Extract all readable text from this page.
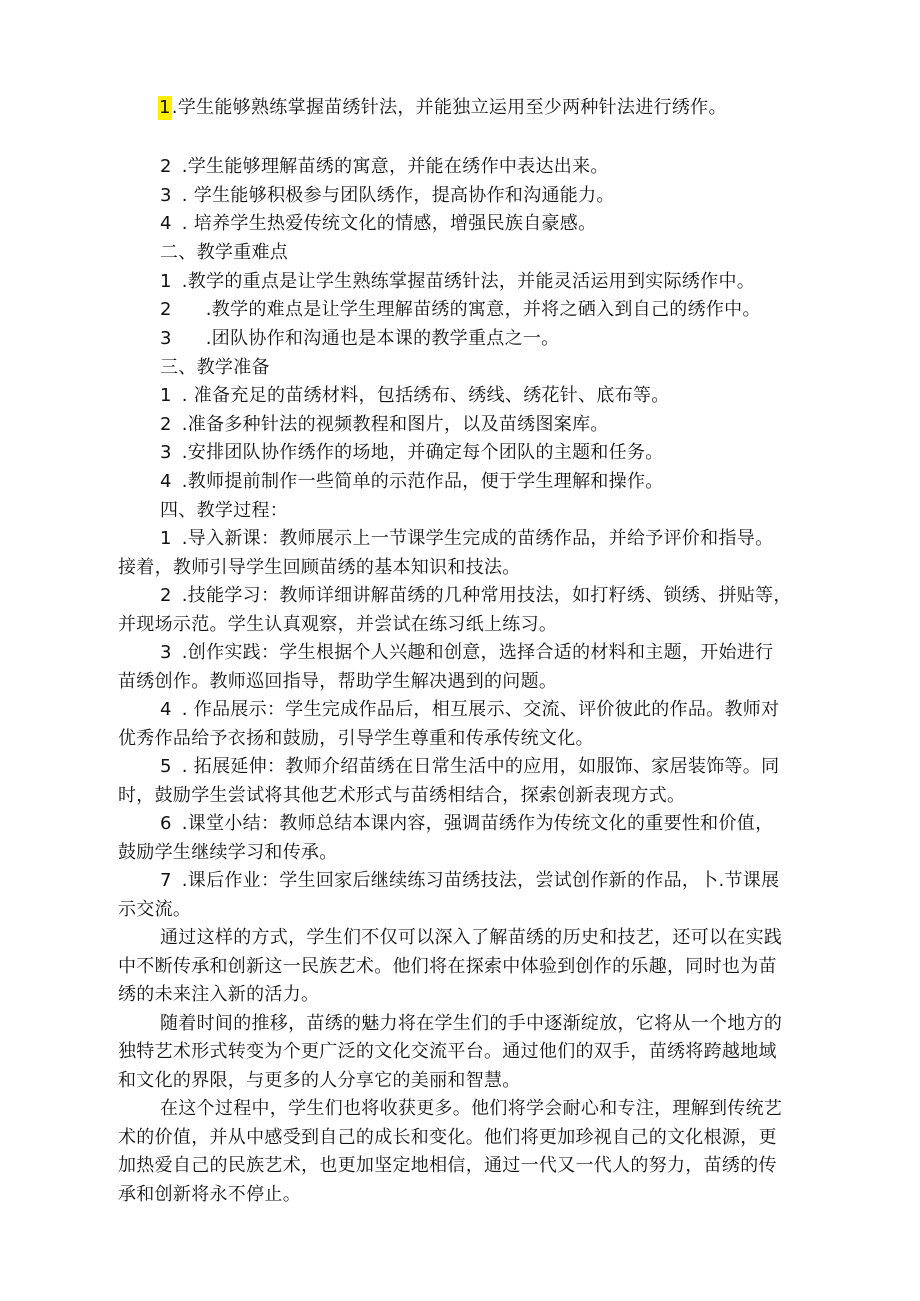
1.学生能够熟练掌握苗绣针法，并能独立运用至少两种针法进行绣作。
2 .学生能够理解苗绣的寓意，并能在绣作中表达出来。
3 . 学生能够积极参与团队绣作，提高协作和沟通能力。
4 . 培养学生热爱传统文化的情感，增强民族自豪感。
二、教学重难点
1 .教学的重点是让学生熟练掌握苗绣针法，并能灵活运用到实际绣作中。
2 .教学的难点是让学生理解苗绣的寓意，并将之硒入到自己的绣作中。
3 .团队协作和沟通也是本课的教学重点之一。
三、教学准备
1 . 准备充足的苗绣材料，包括绣布、绣线、绣花针、底布等。
2 .准备多种针法的视频教程和图片，以及苗绣图案库。
3 .安排团队协作绣作的场地，并确定每个团队的主题和任务。
4 .教师提前制作一些简单的示范作品，便于学生理解和操作。
四、教学过程：
1 .导入新课：教师展示上一节课学生完成的苗绣作品，并给予评价和指导。
接着，教师引导学生回顾苗绣的基本知识和技法。
2 .技能学习：教师详细讲解苗绣的几种常用技法，如打籽绣、锁绣、拼贴等，
并现场示范。学生认真观察，并尝试在练习纸上练习。
3 .创作实践：学生根据个人兴趣和创意，选择合适的材料和主题，开始进行
苗绣创作。教师巡回指导，帮助学生解决遇到的问题。
4 . 作品展示：学生完成作品后，相互展示、交流、评价彼此的作品。教师对
优秀作品给予衣扬和鼓励，引导学生尊重和传承传统文化。
5 . 拓展延伸：教师介绍苗绣在日常生活中的应用，如服饰、家居装饰等。同
时，鼓励学生尝试将其他艺术形式与苗绣相结合，探索创新表现方式。
6 .课堂小结：教师总结本课内容，强调苗绣作为传统文化的重要性和价值，
鼓励学生继续学习和传承。
7 .课后作业：学生回家后继续练习苗绣技法，尝试创作新的作品，卜.节课展
示交流。
通过这样的方式，学生们不仅可以深入了解苗绣的历史和技艺，还可以在实践
中不断传承和创新这一民族艺术。他们将在探索中体验到创作的乐趣，同时也为苗
绣的未来注入新的活力。
随着时间的推移，苗绣的魅力将在学生们的手中逐渐绽放，它将从一个地方的
独特艺术形式转变为个更广泛的文化交流平台。通过他们的双手，苗绣将跨越地域
和文化的界限，与更多的人分享它的美丽和智慧。
在这个过程中，学生们也将收获更多。他们将学会耐心和专注，理解到传统艺
术的价值，并从中感受到自己的成长和变化。他们将更加珍视自己的文化根源，更
加热爱自己的民族艺术，也更加坚定地相信，通过一代又一代人的努力，苗绣的传
承和创新将永不停止。
